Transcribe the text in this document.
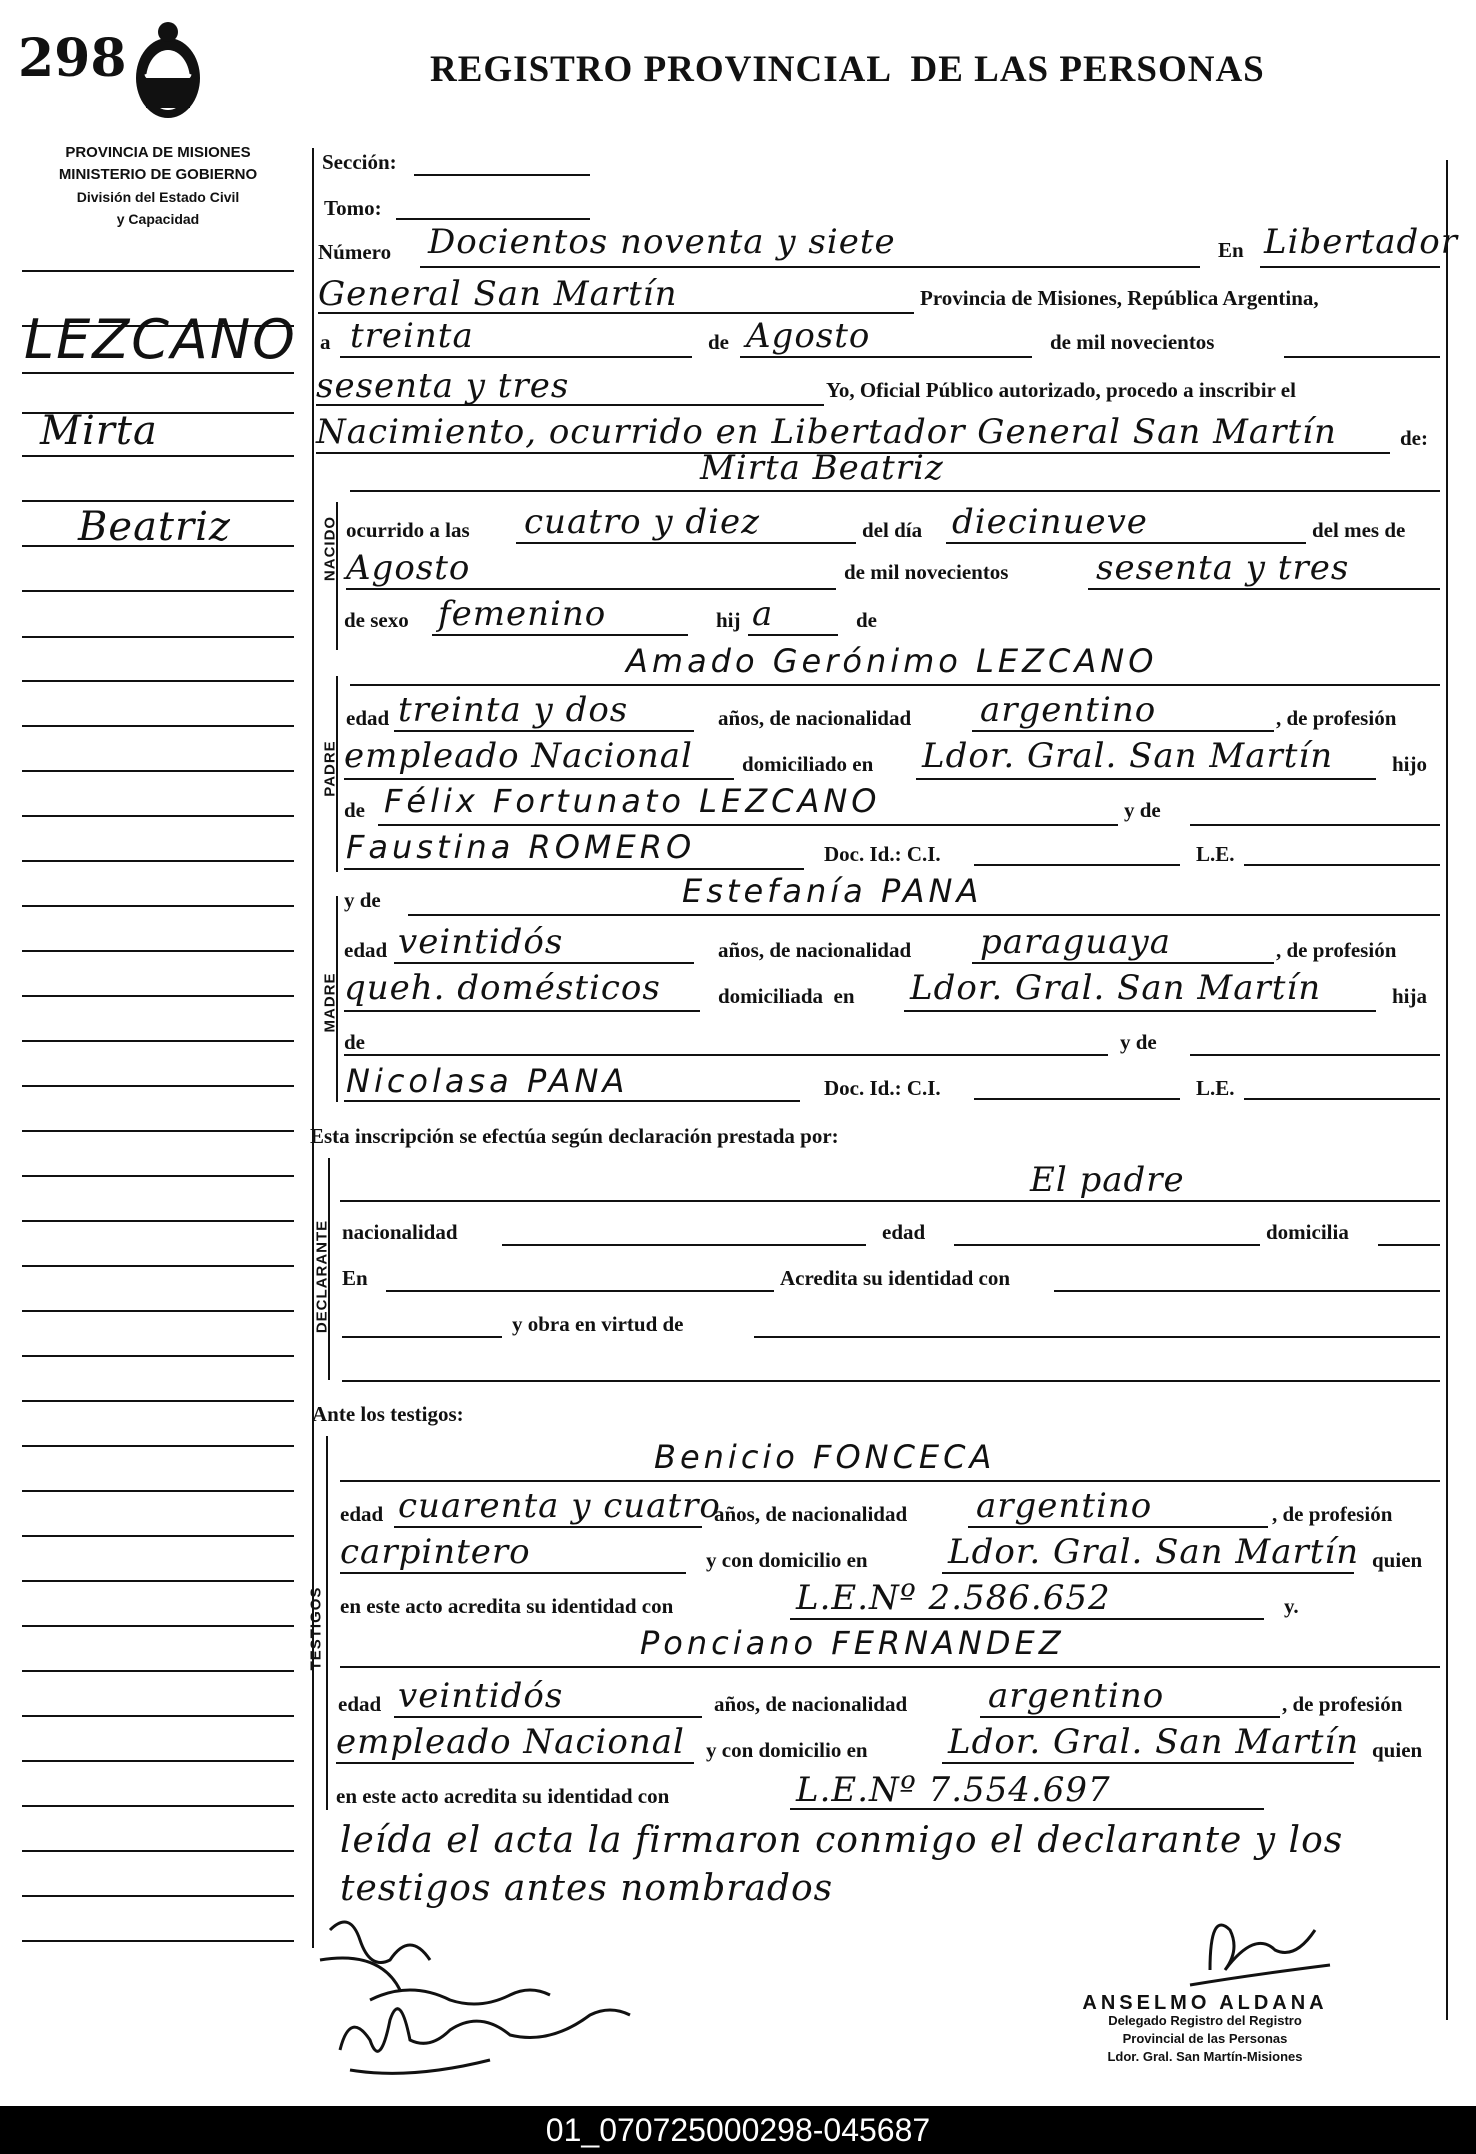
298	REGISTRO PROVINCIAL  DE LAS PERSONAS
PROVINCIA DE MISIONES
MINISTERIO DE GOBIERNO
División del Estado Civil
y Capacidad
LEZCANO
Mirta
Beatriz
Sección:
Tomo:
Número Docientos noventa y siete	En Libertador
General San Martín	Provincia de Misiones, República Argentina,
a treinta	de Agosto	de mil novecientos
sesenta y tres	Yo, Oficial Público autorizado, procedo a inscribir el
Nacimiento, ocurrido en Libertador General San Martín	de:
NACIDO
Mirta Beatriz
ocurrido a las cuatro y diez	del día diecinueve	del mes de
Agosto	de mil novecientos	sesenta y tres
de sexo femenino	hij a	de
PADRE
Amado Gerónimo LEZCANO
edad treinta y dos	años, de nacionalidad argentino	, de profesión
empleado Nacional domiciliado en Ldor. Gral. San Martín	hijo
de Félix Fortunato LEZCANO	y de
Faustina ROMERO	Doc. Id.: C.I.	L.E.
MADRE
y de	Estefanía PANA
edad veintidós	años, de nacionalidad paraguaya	, de profesión
queh. domésticos	domiciliada  en Ldor. Gral. San Martín	hija
de	y de
Nicolasa PANA	Doc. Id.: C.I.	L.E.
Esta inscripción se efectúa según declaración prestada por:
DECLARANTE
El padre
nacionalidad	edad	domicilia
En	Acredita su identidad con
y obra en virtud de
Ante los testigos:
TESTIGOS
Benicio FONCECA
edad cuarenta y cuatro
años, de nacionalidad argentino	, de profesión
carpintero	y con domicilio en Ldor. Gral. San Martín quien
en este acto acredita su identidad con	L.E.Nº 2.586.652	y.
Ponciano FERNANDEZ
edad veintidós	años, de nacionalidad argentino	, de profesión
empleado Nacional y con domicilio en Ldor. Gral. San Martín quien
en este acto acredita su identidad con	L.E.Nº 7.554.697
leída el acta la firmaron conmigo el declarante y los
testigos antes nombrados
ANSELMO ALDANA
Delegado Registro del Registro
Provincial de las Personas
Ldor. Gral. San Martín-Misiones
01_070725000298-045687
